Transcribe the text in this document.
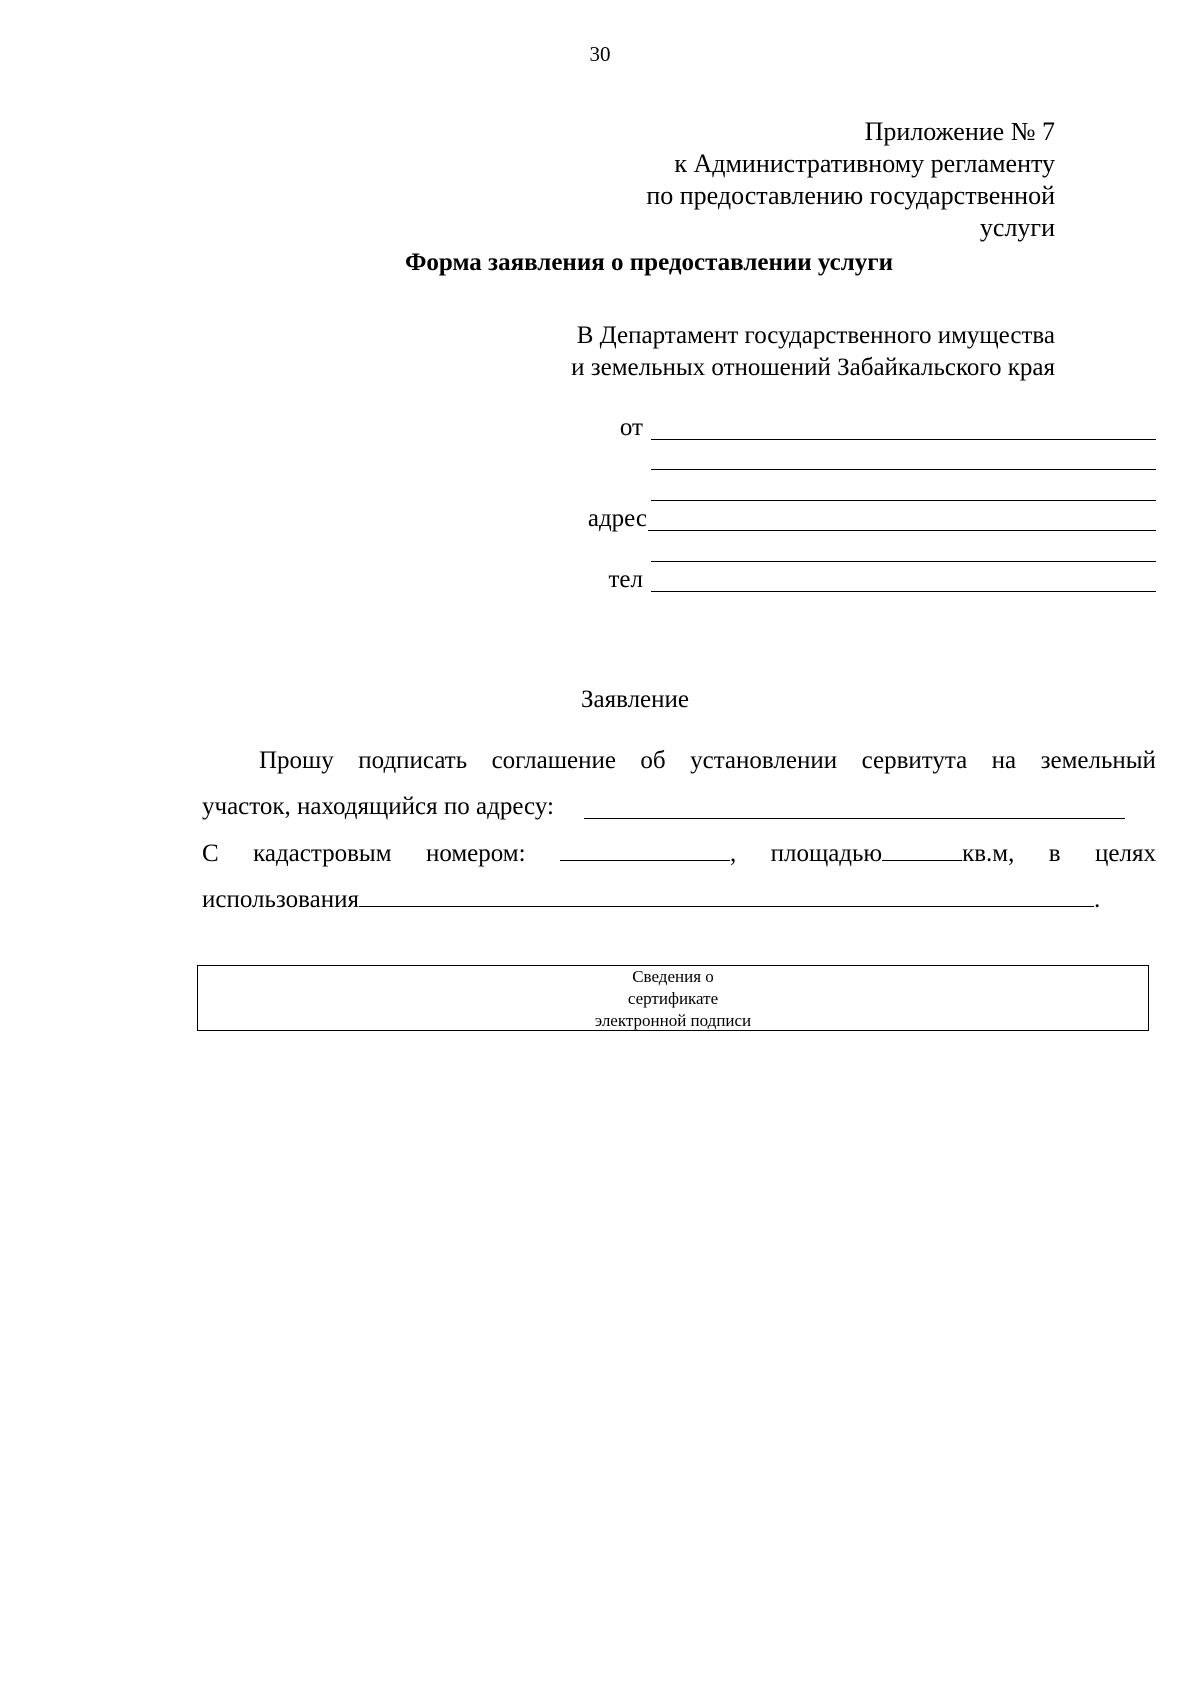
30
Приложение № 7
к Административному регламенту
по предоставлению государственной
услуги
Форма заявления о предоставлении услуги
В Департамент государственного имущества
и земельных отношений Забайкальского края
от
адрес
тел
Заявление
Прошу подписать соглашение об установлении сервитута на земельный
участок, находящийся по адресу:
С кадастровым номером:	, площадью	кв.м, в целях
использования	.
Сведения о
сертификате
электронной подписи
